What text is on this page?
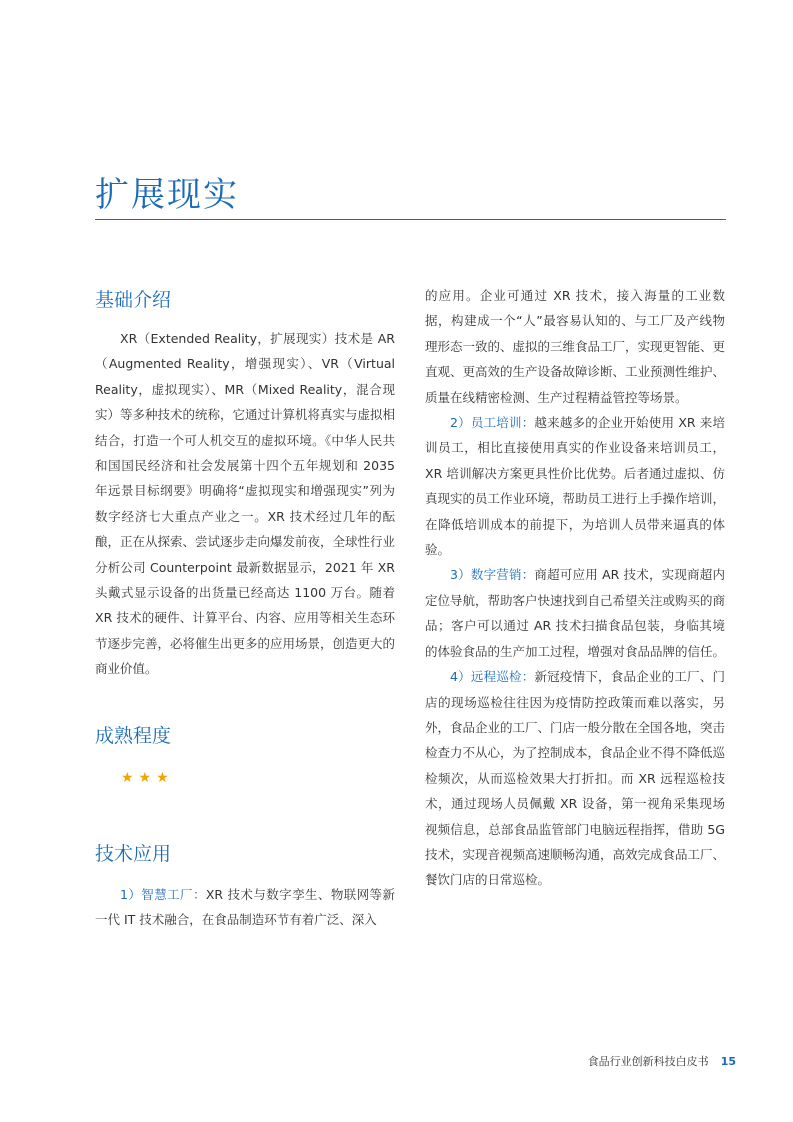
扩展现实
基础介绍

XR（Extended Reality，扩展现实）技术是 AR（Augmented Reality，增强现实）、VR（Virtual Reality，虚拟现实）、MR（Mixed Reality，混合现实）等多种技术的统称，它通过计算机将真实与虚拟相结合，打造一个可人机交互的虚拟环境。《中华人民共和国国民经济和社会发展第十四个五年规划和 2035 年远景目标纲要》明确将“虚拟现实和增强现实”列为数字经济七大重点产业之一。XR 技术经过几年的酝酿，正在从探索、尝试逐步走向爆发前夜，全球性行业分析公司 Counterpoint 最新数据显示，2021 年 XR 头戴式显示设备的出货量已经高达 1100 万台。随着 XR 技术的硬件、计算平台、内容、应用等相关生态环节逐步完善，必将催生出更多的应用场景，创造更大的商业价值。

成熟程度
★★★
技术应用

1）智慧工厂：XR 技术与数字孪生、物联网等新一代 IT 技术融合，在食品制造环节有着广泛、深入

的应用。企业可通过 XR 技术，接入海量的工业数据，构建成一个“人”最容易认知的、与工厂及产线物理形态一致的、虚拟的三维食品工厂，实现更智能、更直观、更高效的生产设备故障诊断、工业预测性维护、质量在线精密检测、生产过程精益管控等场景。

2）员工培训：越来越多的企业开始使用 XR 来培训员工，相比直接使用真实的作业设备来培训员工，XR 培训解决方案更具性价比优势。后者通过虚拟、仿真现实的员工作业环境，帮助员工进行上手操作培训，在降低培训成本的前提下，为培训人员带来逼真的体验。

3）数字营销：商超可应用 AR 技术，实现商超内定位导航，帮助客户快速找到自己希望关注或购买的商品；客户可以通过 AR 技术扫描食品包装，身临其境的体验食品的生产加工过程，增强对食品品牌的信任。

4）远程巡检：新冠疫情下，食品企业的工厂、门店的现场巡检往往因为疫情防控政策而难以落实，另外，食品企业的工厂、门店一般分散在全国各地，突击检查力不从心，为了控制成本，食品企业不得不降低巡检频次，从而巡检效果大打折扣。而 XR 远程巡检技术，通过现场人员佩戴 XR 设备，第一视角采集现场视频信息，总部食品监管部门电脑远程指挥，借助 5G 技术，实现音视频高速顺畅沟通，高效完成食品工厂、餐饮门店的日常巡检。

食品行业创新科技白皮书 15
